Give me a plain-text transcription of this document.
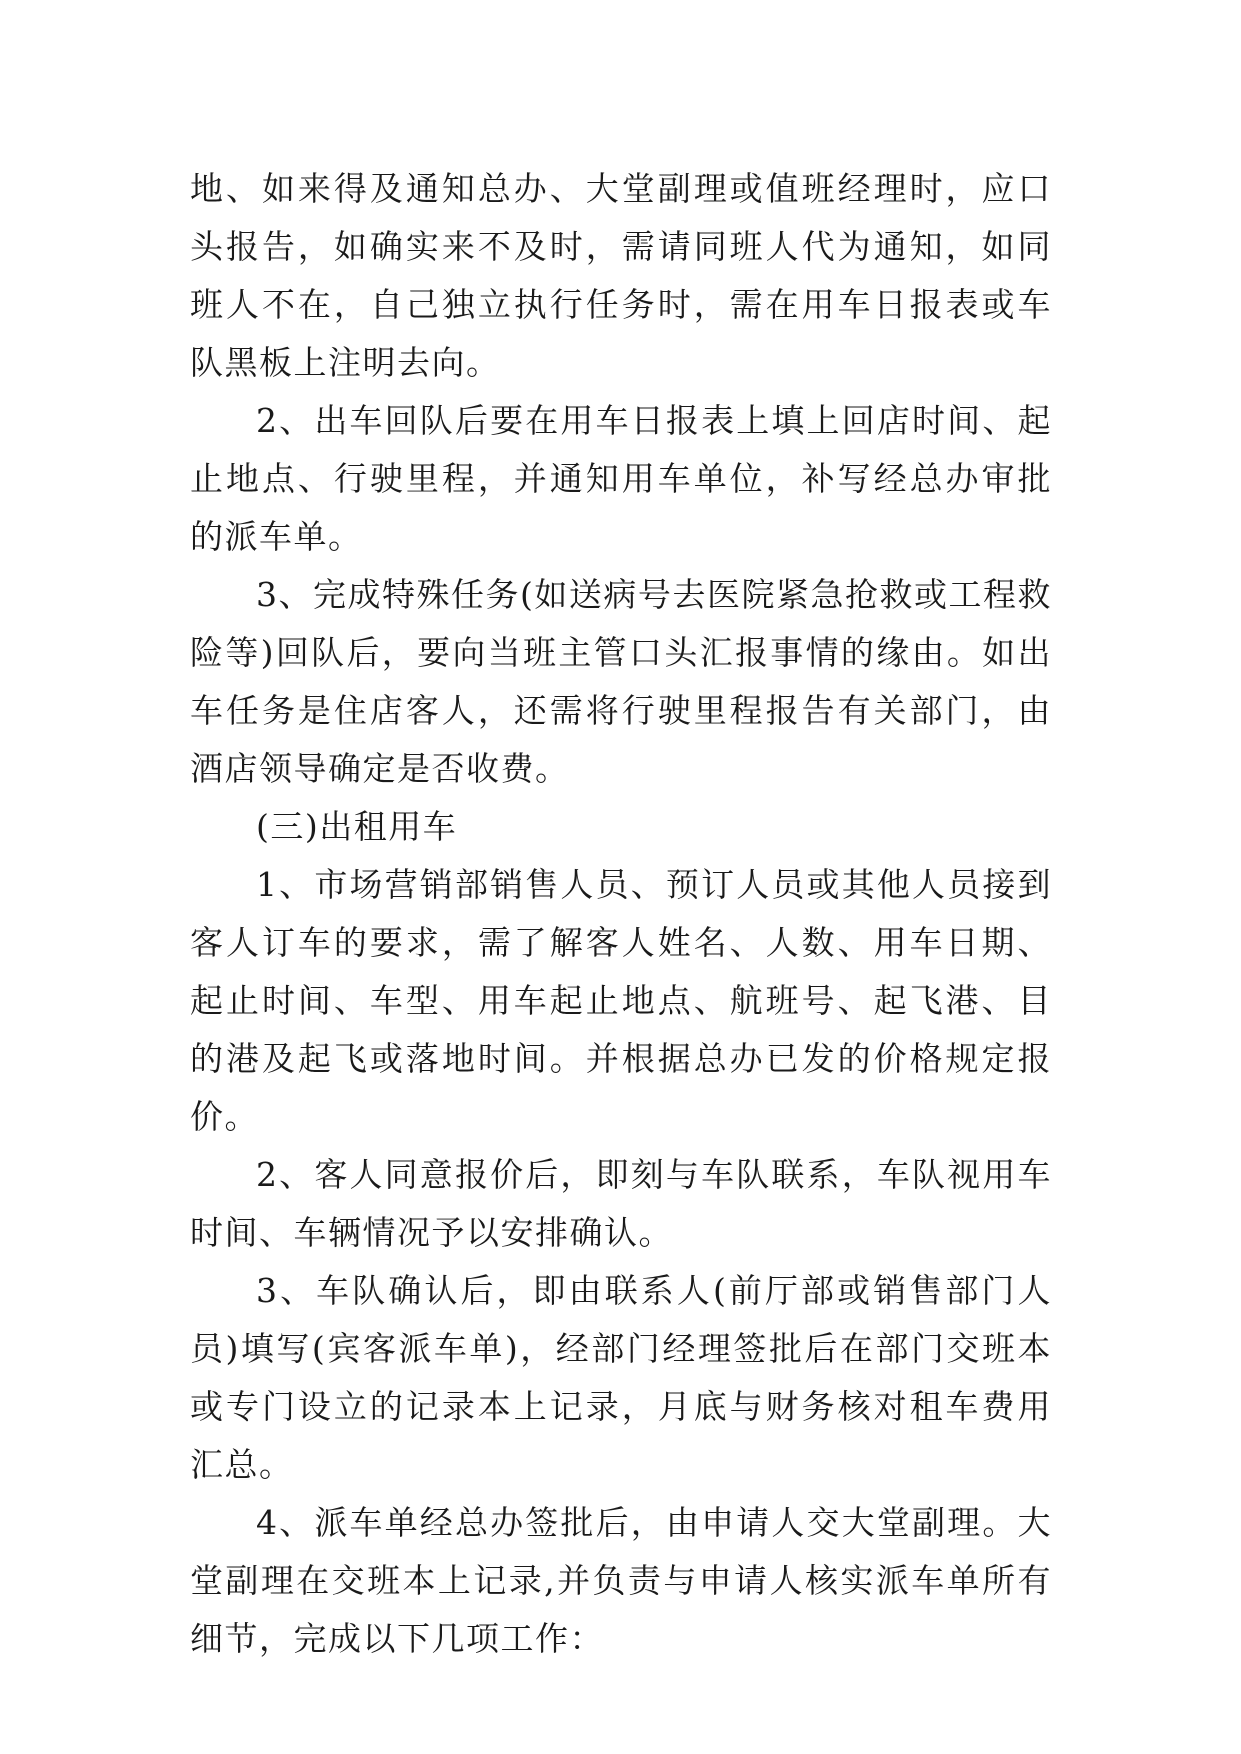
地、如来得及通知总办、大堂副理或值班经理时，应口头报告，如确实来不及时，需请同班人代为通知，如同班人不在，自己独立执行任务时，需在用车日报表或车队黑板上注明去向。

2、出车回队后要在用车日报表上填上回店时间、起止地点、行驶里程，并通知用车单位，补写经总办审批的派车单。

3、完成特殊任务(如送病号去医院紧急抢救或工程救险等)回队后，要向当班主管口头汇报事情的缘由。如出车任务是住店客人，还需将行驶里程报告有关部门，由酒店领导确定是否收费。

(三)出租用车

1、市场营销部销售人员、预订人员或其他人员接到客人订车的要求，需了解客人姓名、人数、用车日期、起止时间、车型、用车起止地点、航班号、起飞港、目的港及起飞或落地时间。并根据总办已发的价格规定报价。

2、客人同意报价后，即刻与车队联系，车队视用车时间、车辆情况予以安排确认。

3、车队确认后，即由联系人(前厅部或销售部门人员)填写(宾客派车单)，经部门经理签批后在部门交班本或专门设立的记录本上记录，月底与财务核对租车费用汇总。

4、派车单经总办签批后，由申请人交大堂副理。大堂副理在交班本上记录,并负责与申请人核实派车单所有细节，完成以下几项工作：
